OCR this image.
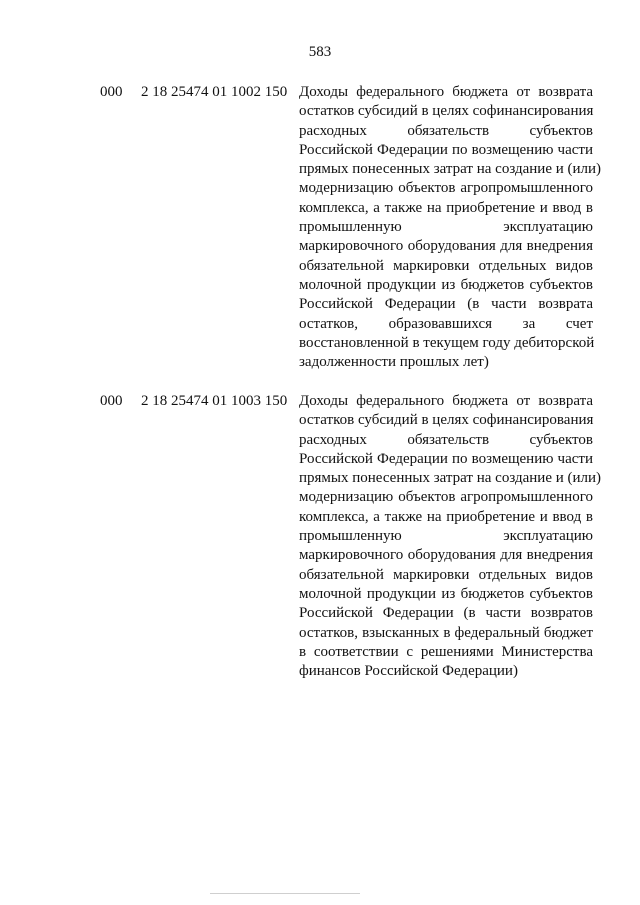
583
000 2 18 25474 01 1002 150 Доходы федерального бюджета от возврата
остатков субсидий в целях софинансирования
расходных обязательств субъектов
Российской Федерации по возмещению части
прямых понесенных затрат на создание и (или)
модернизацию объектов агропромышленного
комплекса, а также на приобретение и ввод в
промышленную эксплуатацию
маркировочного оборудования для внедрения
обязательной маркировки отдельных видов
молочной продукции из бюджетов субъектов
Российской Федерации (в части возврата
остатков, образовавшихся за счет
восстановленной в текущем году дебиторской
задолженности прошлых лет)
000 2 18 25474 01 1003 150 Доходы федерального бюджета от возврата
остатков субсидий в целях софинансирования
расходных обязательств субъектов
Российской Федерации по возмещению части
прямых понесенных затрат на создание и (или)
модернизацию объектов агропромышленного
комплекса, а также на приобретение и ввод в
промышленную эксплуатацию
маркировочного оборудования для внедрения
обязательной маркировки отдельных видов
молочной продукции из бюджетов субъектов
Российской Федерации (в части возвратов
остатков, взысканных в федеральный бюджет
в соответствии с решениями Министерства
финансов Российской Федерации)
